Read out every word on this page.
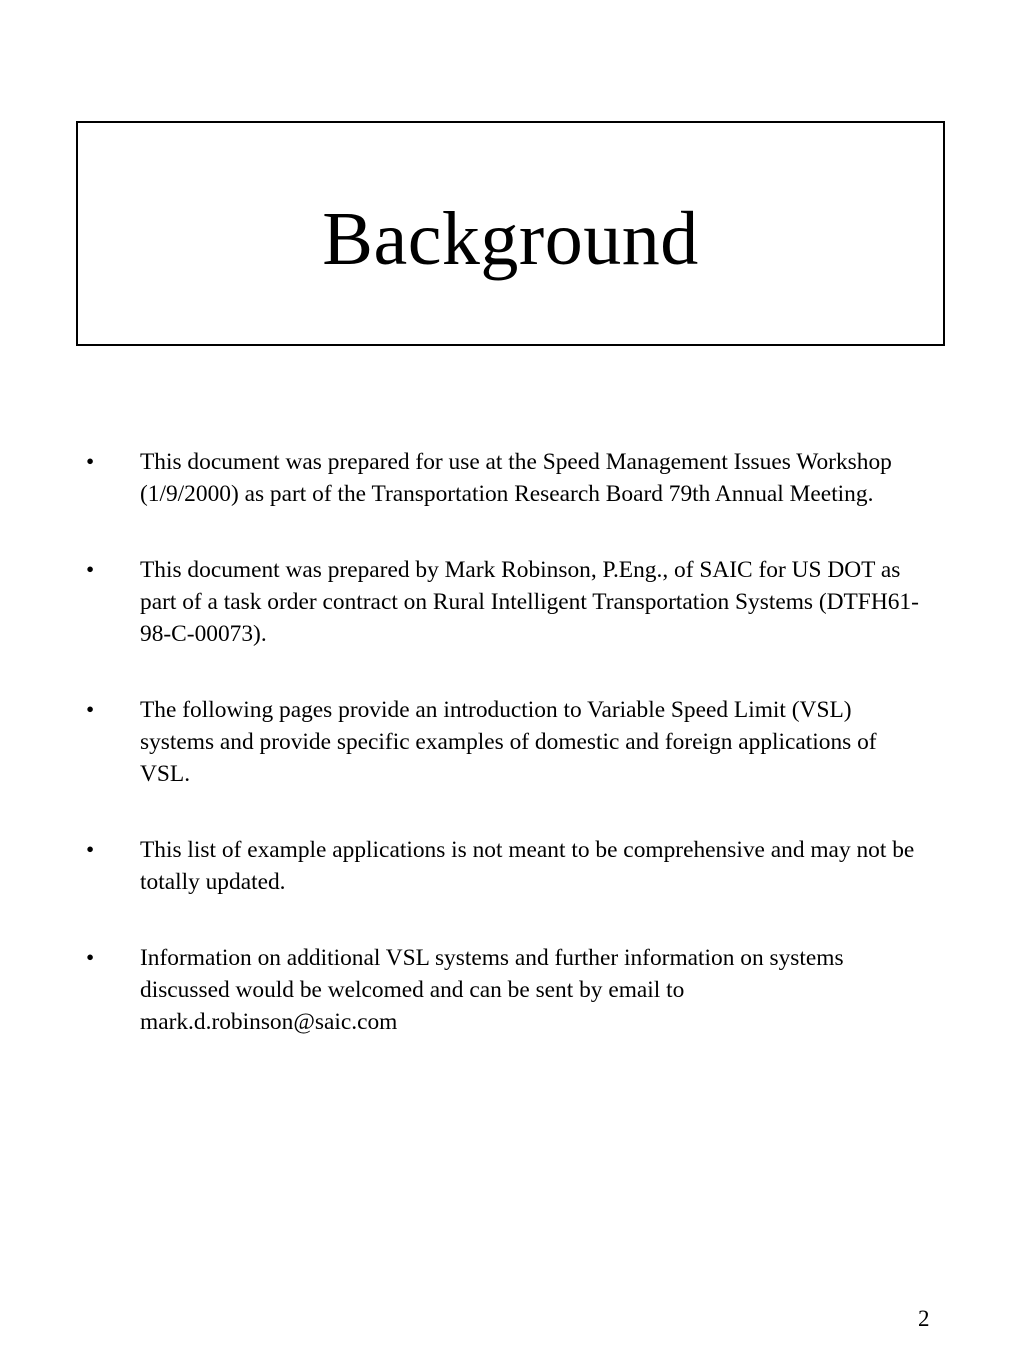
Background
• This document was prepared for use at the Speed Management Issues Workshop (1/9/2000) as part of the Transportation Research Board 79th Annual Meeting.
• This document was prepared by Mark Robinson, P.Eng., of SAIC for US DOT as part of a task order contract on Rural Intelligent Transportation Systems (DTFH61-98-C-00073).
• The following pages provide an introduction to Variable Speed Limit (VSL) systems and provide specific examples of domestic and foreign applications of VSL.
• This list of example applications is not meant to be comprehensive and may not be totally updated.
• Information on additional VSL systems and further information on systems discussed would be welcomed and can be sent by email to mark.d.robinson@saic.com
2
